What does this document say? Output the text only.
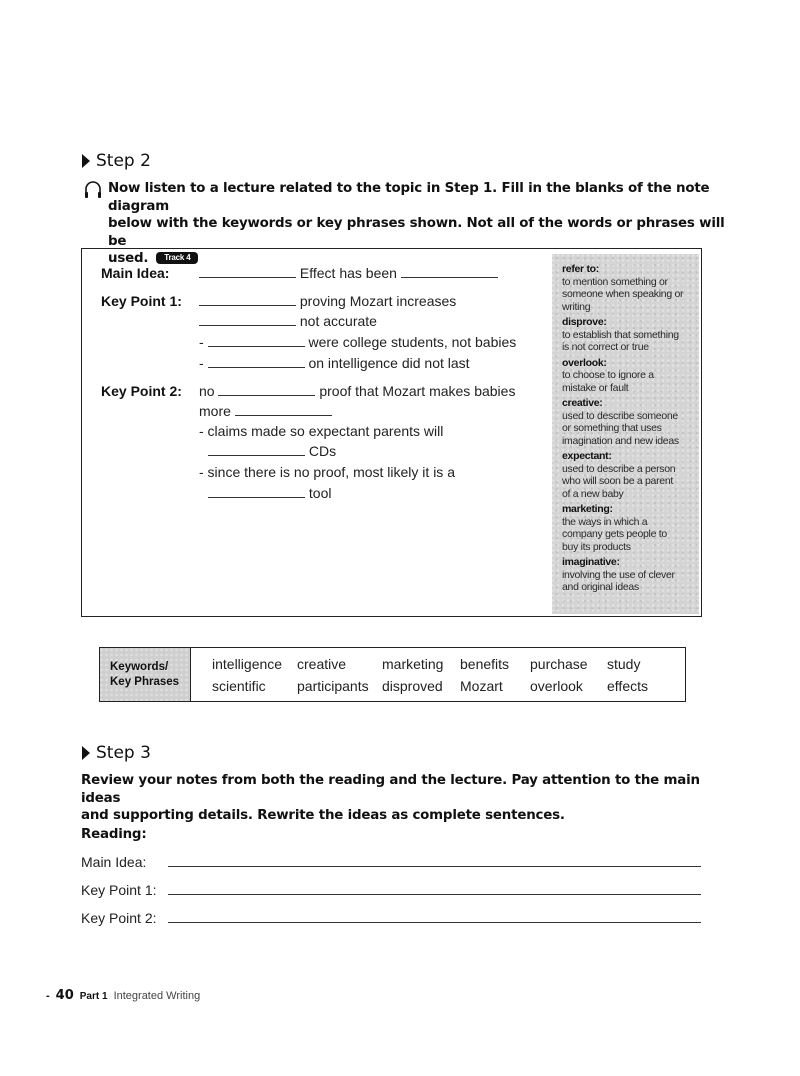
Step 2
Now listen to a lecture related to the topic in Step 1. Fill in the blanks of the note diagram
below with the keywords or key phrases shown. Not all of the words or phrases will be
used. Track 4
Main Idea:	Effect has been
Key Point 1:	proving Mozart increases
not accurate
-	were college students, not babies
-	on intelligence did not last
Key Point 2: no	proof that Mozart makes babies
more
- claims made so expectant parents will
CDs
- since there is no proof, most likely it is a
tool
refer to:
to mention something or
someone when speaking or
writing
disprove:
to establish that something
is not correct or true
overlook:
to choose to ignore a
mistake or fault
creative:
used to describe someone
or something that uses
imagination and new ideas
expectant:
used to describe a person
who will soon be a parent
of a new baby
marketing:
the ways in which a
company gets people to
buy its products
imaginative:
involving the use of clever
and original ideas
Keywords/
Key Phrases
intelligence creative	marketing benefits purchase study
scientific participants disproved Mozart overlook effects
Step 3
Review your notes from both the reading and the lecture. Pay attention to the main ideas
and supporting details. Rewrite the ideas as complete sentences.
Reading:
Main Idea:
Key Point 1:
Key Point 2:
- 40 Part 1 Integrated Writing
